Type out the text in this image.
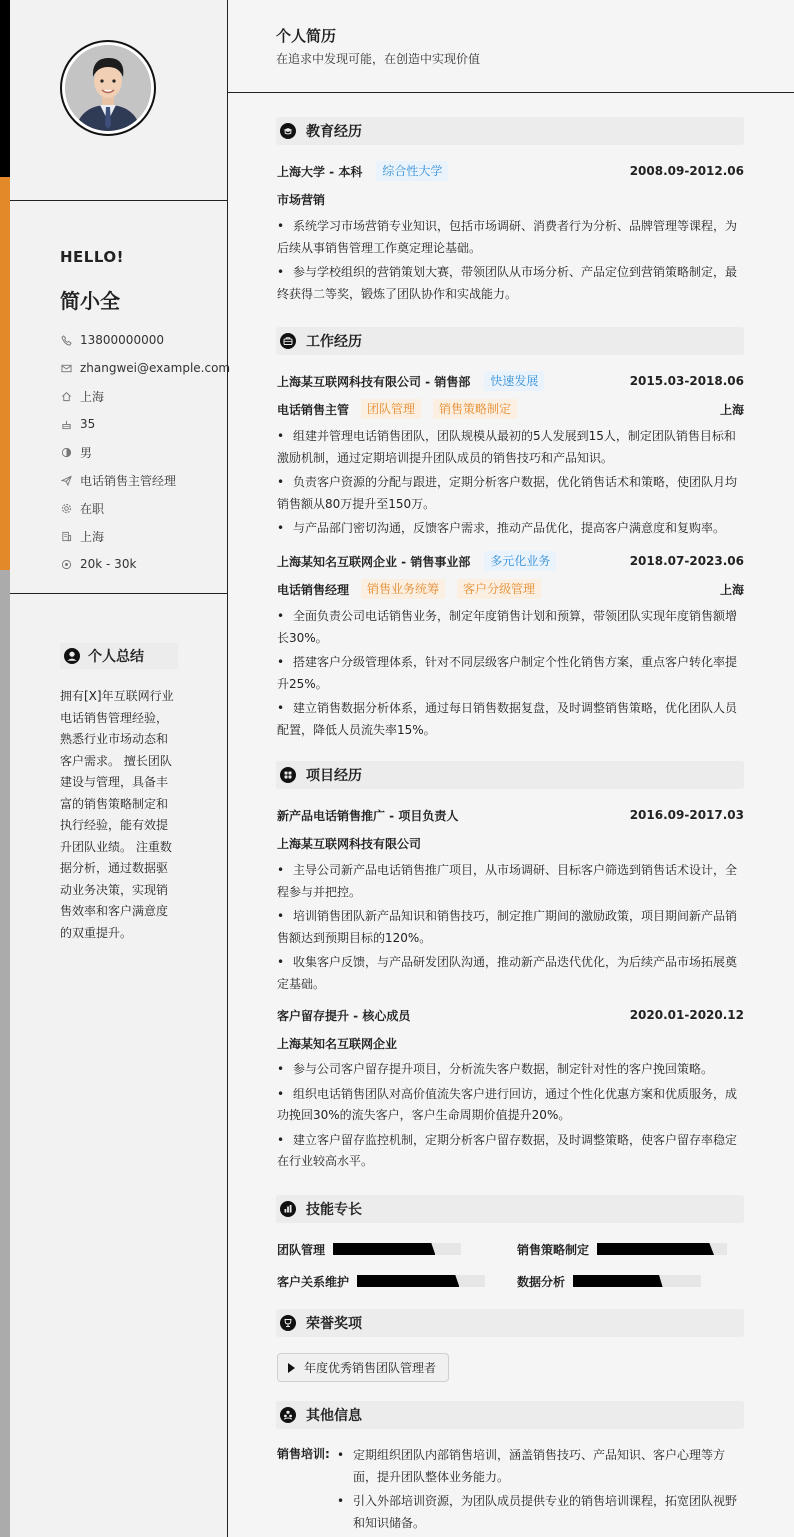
HELLO!
简小全
13800000000
zhangwei@example.com
上海
35
男
电话销售主管经理
在职
上海
20k - 30k
个人总结
拥有[X]年互联网行业电话销售管理经验，熟悉行业市场动态和客户需求。 擅长团队建设与管理，具备丰富的销售策略制定和执行经验，能有效提升团队业绩。 注重数据分析，通过数据驱动业务决策，实现销售效率和客户满意度的双重提升。
个人简历
在追求中发现可能，在创造中实现价值
教育经历
上海大学 - 本科	综合性大学	2008.09-2012.06
市场营销
• 系统学习市场营销专业知识，包括市场调研、消费者行为分析、品牌管理等课程，为后续从事销售管理工作奠定理论基础。
• 参与学校组织的营销策划大赛，带领团队从市场分析、产品定位到营销策略制定，最终获得二等奖，锻炼了团队协作和实战能力。
工作经历
上海某互联网科技有限公司 - 销售部	快速发展	2015.03-2018.06
电话销售主管	团队管理	销售策略制定	上海
• 组建并管理电话销售团队，团队规模从最初的5人发展到15人，制定团队销售目标和激励机制，通过定期培训提升团队成员的销售技巧和产品知识。
• 负责客户资源的分配与跟进，定期分析客户数据，优化销售话术和策略，使团队月均销售额从80万提升至150万。
• 与产品部门密切沟通，反馈客户需求，推动产品优化，提高客户满意度和复购率。
上海某知名互联网企业 - 销售事业部	多元化业务	2018.07-2023.06
电话销售经理	销售业务统筹	客户分级管理	上海
• 全面负责公司电话销售业务，制定年度销售计划和预算，带领团队实现年度销售额增长30%。
• 搭建客户分级管理体系，针对不同层级客户制定个性化销售方案，重点客户转化率提升25%。
• 建立销售数据分析体系，通过每日销售数据复盘，及时调整销售策略，优化团队人员配置，降低人员流失率15%。
项目经历
新产品电话销售推广 - 项目负责人	2016.09-2017.03
上海某互联网科技有限公司
• 主导公司新产品电话销售推广项目，从市场调研、目标客户筛选到销售话术设计，全程参与并把控。
• 培训销售团队新产品知识和销售技巧，制定推广期间的激励政策，项目期间新产品销售额达到预期目标的120%。
• 收集客户反馈，与产品研发团队沟通，推动新产品迭代优化，为后续产品市场拓展奠定基础。
客户留存提升 - 核心成员	2020.01-2020.12
上海某知名互联网企业
• 参与公司客户留存提升项目，分析流失客户数据，制定针对性的客户挽回策略。
• 组织电话销售团队对高价值流失客户进行回访，通过个性化优惠方案和优质服务，成功挽回30%的流失客户，客户生命周期价值提升20%。
• 建立客户留存监控机制，定期分析客户留存数据，及时调整策略，使客户留存率稳定在行业较高水平。
技能专长
团队管理	销售策略制定
客户关系维护	数据分析
荣誉奖项
年度优秀销售团队管理者
其他信息
销售培训:
•	定期组织团队内部销售培训，涵盖销售技巧、产品知识、客户心理等方面，提升团队整体业务能力。
• 引入外部培训资源，为团队成员提供专业的销售培训课程，拓宽团队视野和知识储备。
